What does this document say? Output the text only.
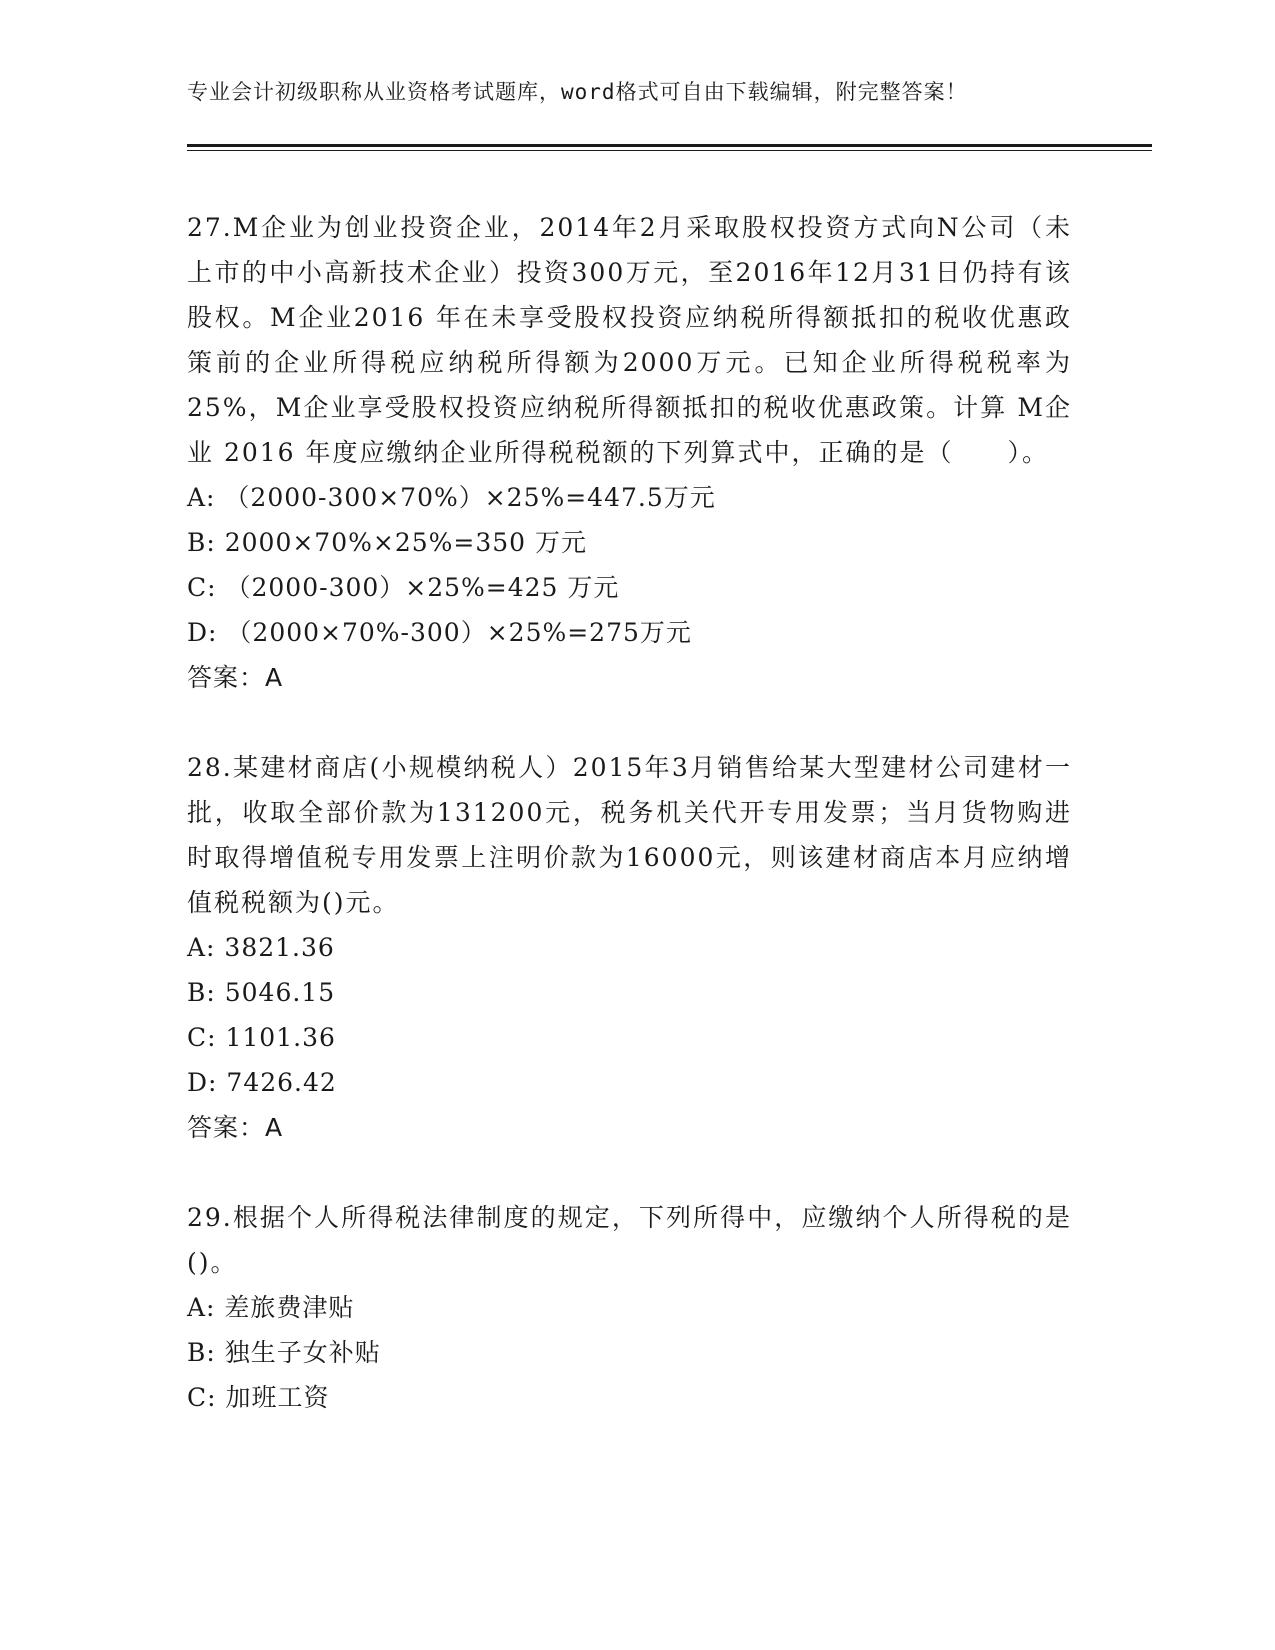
专业会计初级职称从业资格考试题库，word格式可自由下载编辑，附完整答案！

27.M企业为创业投资企业，2014年2月采取股权投资方式向N公司（未上市的中小高新技术企业）投资300万元，至2016年12月31日仍持有该股权。M企业2016 年在未享受股权投资应纳税所得额抵扣的税收优惠政策前的企业所得税应纳税所得额为2000万元。已知企业所得税税率为25%，M企业享受股权投资应纳税所得额抵扣的税收优惠政策。计算 M企业 2016 年度应缴纳企业所得税税额的下列算式中，正确的是（　　）。

A: （2000-300×70%）×25%=447.5万元

B: 2000×70%×25%=350 万元

C: （2000-300）×25%=425 万元

D: （2000×70%-300）×25%=275万元

答案：A

28.某建材商店(小规模纳税人）2015年3月销售给某大型建材公司建材一批，收取全部价款为131200元，税务机关代开专用发票；当月货物购进时取得增值税专用发票上注明价款为16000元，则该建材商店本月应纳增值税税额为()元。

A: 3821.36

B: 5046.15

C: 1101.36

D: 7426.42

答案：A

29.根据个人所得税法律制度的规定，下列所得中，应缴纳个人所得税的是()。

A: 差旅费津贴

B: 独生子女补贴

C: 加班工资
